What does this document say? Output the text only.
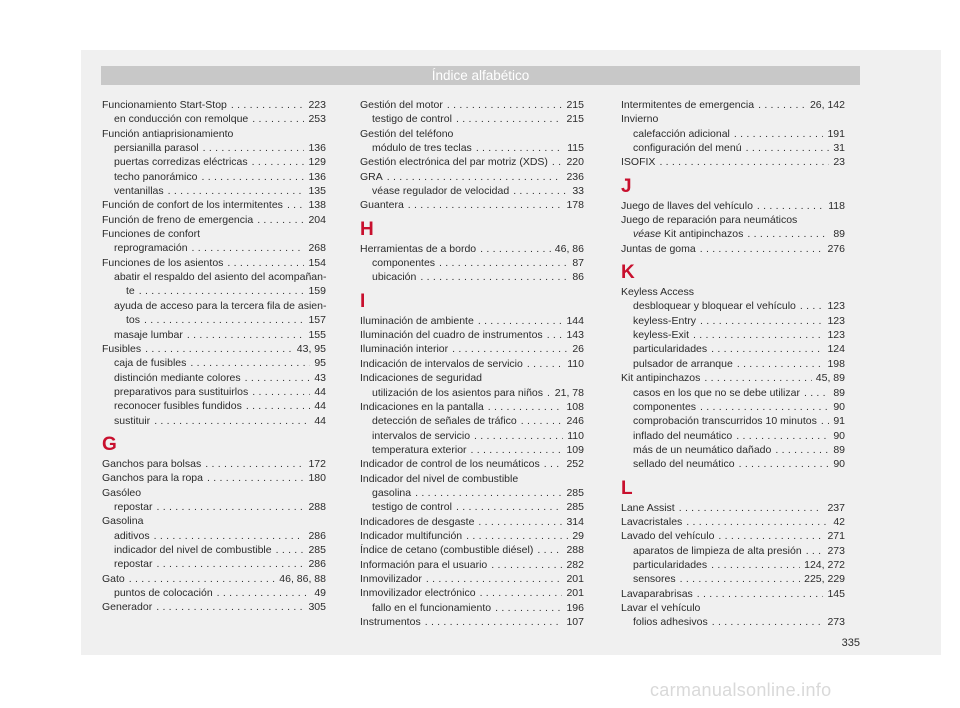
Índice alfabético
Funcionamiento Start-Stop . . .	223
en conducción con remolque . . .	253
Función antiaprisionamiento
persianilla parasol . . .	136
puertas corredizas eléctricas . . .	129
techo panorámico . . .	136
ventanillas . . .	135
Función de confort de los intermitentes . . .	138
Función de freno de emergencia . . .	204
Funciones de confort
reprogramación . . .	268
Funciones de los asientos . . .	154
abatir el respaldo del asiento del acompañan-
te . . .	159
ayuda de acceso para la tercera fila de asien-
tos . . .	157
masaje lumbar . . .	155
Fusibles . . .	43, 95
caja de fusibles . . .	95
distinción mediante colores . . .	43
preparativos para sustituirlos . . .	44
reconocer fusibles fundidos . . .	44
sustituir . . .	44
G
Ganchos para bolsas . . .	172
Ganchos para la ropa . . .	180
Gasóleo
repostar . . .	288
Gasolina
aditivos . . .	286
indicador del nivel de combustible . . .	285
repostar . . .	286
Gato . . .	46, 86, 88
puntos de colocación . . .	49
Generador . . .	305
Gestión del motor . . .	215
testigo de control . . .	215
Gestión del teléfono
módulo de tres teclas . . .	115
Gestión electrónica del par motriz (XDS) . . .	220
GRA . . .	236
véase regulador de velocidad . . .	33
Guantera . . .	178
H
Herramientas de a bordo . . .	46, 86
componentes . . .	87
ubicación . . .	86
I
Iluminación de ambiente . . .	144
Iluminación del cuadro de instrumentos . . .	143
Iluminación interior . . .	26
Indicación de intervalos de servicio . . .	110
Indicaciones de seguridad
utilización de los asientos para niños . . .	21, 78
Indicaciones en la pantalla . . .	108
detección de señales de tráfico . . .	246
intervalos de servicio . . .	110
temperatura exterior . . .	109
Indicador de control de los neumáticos . . .	252
Indicador del nivel de combustible
gasolina . . .	285
testigo de control . . .	285
Indicadores de desgaste . . .	314
Indicador multifunción . . .	29
Índice de cetano (combustible diésel) . . .	288
Información para el usuario . . .	282
Inmovilizador . . .	201
Inmovilizador electrónico . . .	201
fallo en el funcionamiento . . .	196
Instrumentos . . .	107
Intermitentes de emergencia . . .	26, 142
Invierno
calefacción adicional . . .	191
configuración del menú . . .	31
ISOFIX . . .	23
J
Juego de llaves del vehículo . . .	118
Juego de reparación para neumáticos
véase Kit antipinchazos . . .	89
Juntas de goma . . .	276
K
Keyless Access
desbloquear y bloquear el vehículo . . .	123
keyless-Entry . . .	123
keyless-Exit . . .	123
particularidades . . .	124
pulsador de arranque . . .	198
Kit antipinchazos . . .	45, 89
casos en los que no se debe utilizar . . .	89
componentes . . .	90
comprobación transcurridos 10 minutos . . .	91
inflado del neumático . . .	90
más de un neumático dañado . . .	89
sellado del neumático . . .	90
L
Lane Assist . . .	237
Lavacristales . . .	42
Lavado del vehículo . . .	271
aparatos de limpieza de alta presión . . .	273
particularidades . . .	124, 272
sensores . . .	225, 229
Lavaparabrisas . . .	145
Lavar el vehículo
folios adhesivos . . .	273
335
carmanualsonline.info
